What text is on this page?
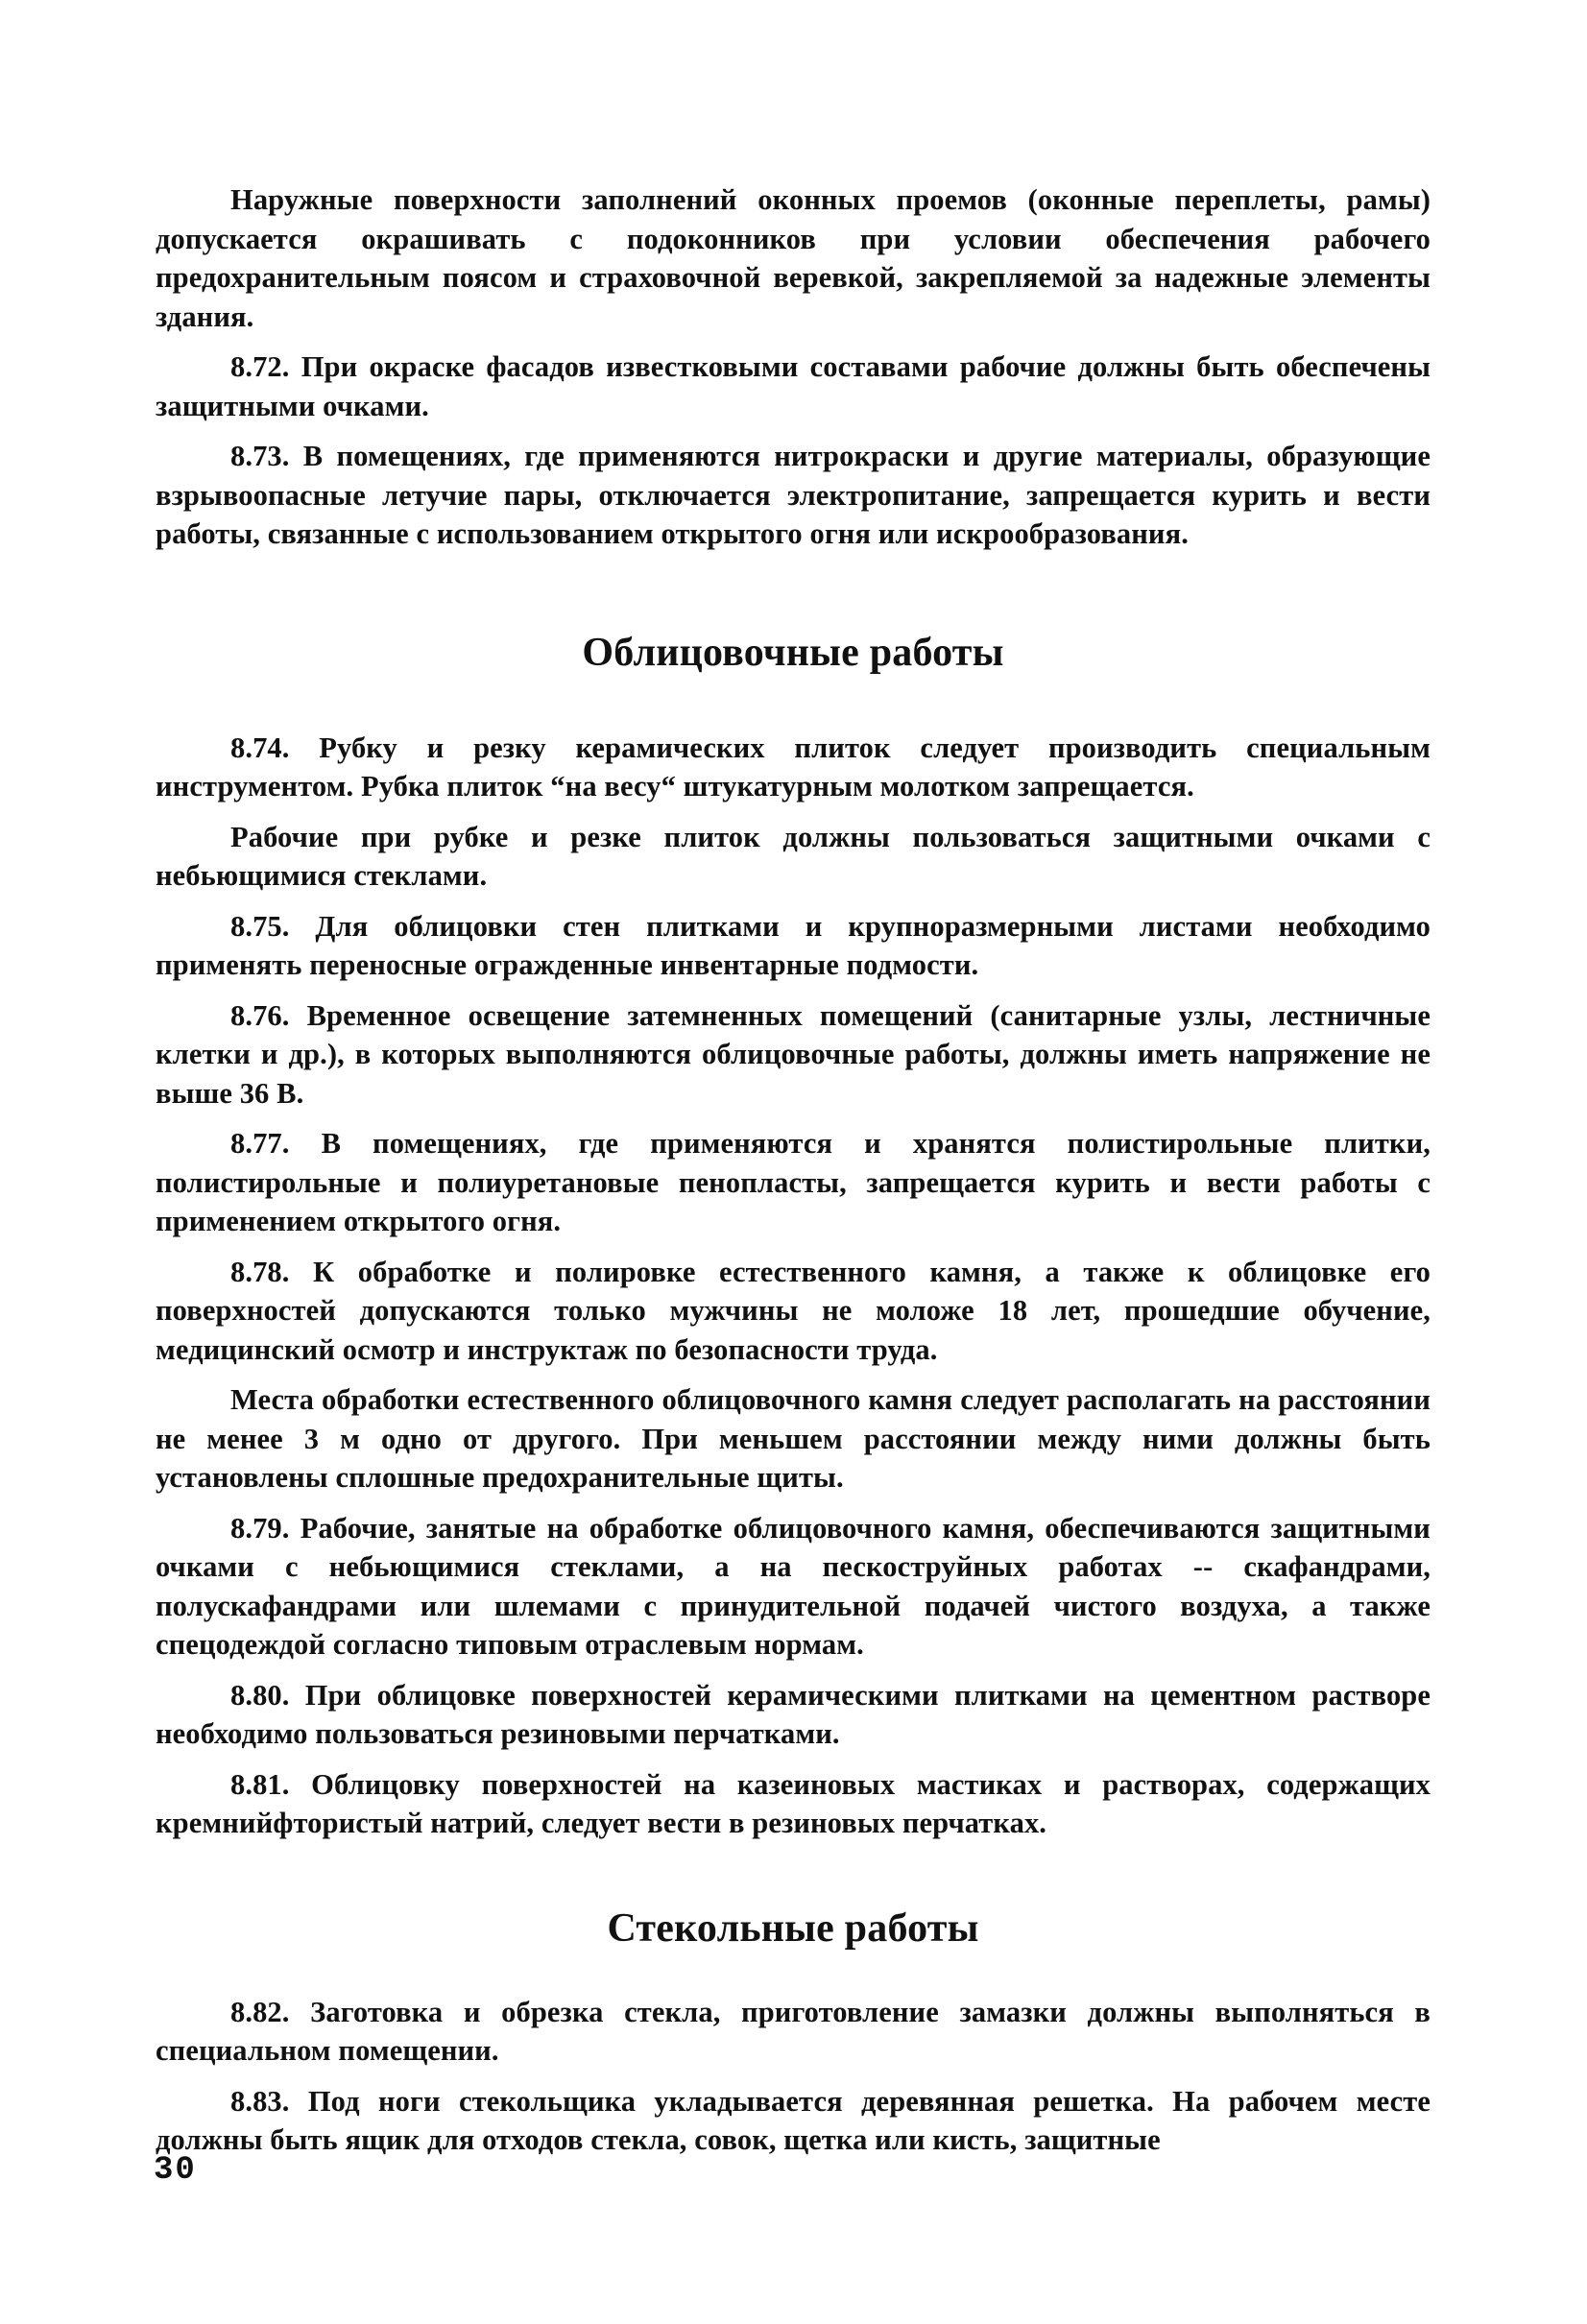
Наружные поверхности заполнений оконных проемов (оконные переплеты, рамы) допускается окрашивать с подоконников при условии обеспечения рабочего предохранительным поясом и страховочной веревкой, закрепляемой за надежные элементы здания.

8.72. При окраске фасадов известковыми составами рабочие должны быть обеспечены защитными очками.

8.73. В помещениях, где применяются нитрокраски и другие материалы, образующие взрывоопасные летучие пары, отключается электропитание, запрещается курить и вести работы, связанные с использованием открытого огня или искрообразования.

Облицовочные работы

8.74. Рубку и резку керамических плиток следует производить специальным инструментом. Рубка плиток “на весу“ штукатурным молотком запрещается.

Рабочие при рубке и резке плиток должны пользоваться защитными очками с небьющимися стеклами.

8.75. Для облицовки стен плитками и крупноразмерными листами необходимо применять переносные огражденные инвентарные подмости.

8.76. Временное освещение затемненных помещений (санитарные узлы, лестничные клетки и др.), в которых выполняются облицовочные работы, должны иметь напряжение не выше 36 В.

8.77. В помещениях, где применяются и хранятся полистирольные плитки, полистирольные и полиуретановые пенопласты, запрещается курить и вести работы с применением открытого огня.

8.78. К обработке и полировке естественного камня, а также к облицовке его поверхностей допускаются только мужчины не моложе 18 лет, прошедшие обучение, медицинский осмотр и инструктаж по безопасности труда.

Места обработки естественного облицовочного камня следует располагать на расстоянии не менее 3 м одно от другого. При меньшем расстоянии между ними должны быть установлены сплошные предохранительные щиты.

8.79. Рабочие, занятые на обработке облицовочного камня, обеспечиваются защитными очками с небьющимися стеклами, а на пескоструйных работах -- скафандрами, полускафандрами или шлемами с принудительной подачей чистого воздуха, а также спецодеждой согласно типовым отраслевым нормам.

8.80. При облицовке поверхностей керамическими плитками на цементном растворе необходимо пользоваться резиновыми перчатками.

8.81. Облицовку поверхностей на казеиновых мастиках и растворах, содержащих кремнийфтористый натрий, следует вести в резиновых перчатках.

Стекольные работы

8.82. Заготовка и обрезка стекла, приготовление замазки должны выполняться в специальном помещении.

8.83. Под ноги стекольщика укладывается деревянная решетка. На рабочем месте должны быть ящик для отходов стекла, совок, щетка или кисть, защитные

30
